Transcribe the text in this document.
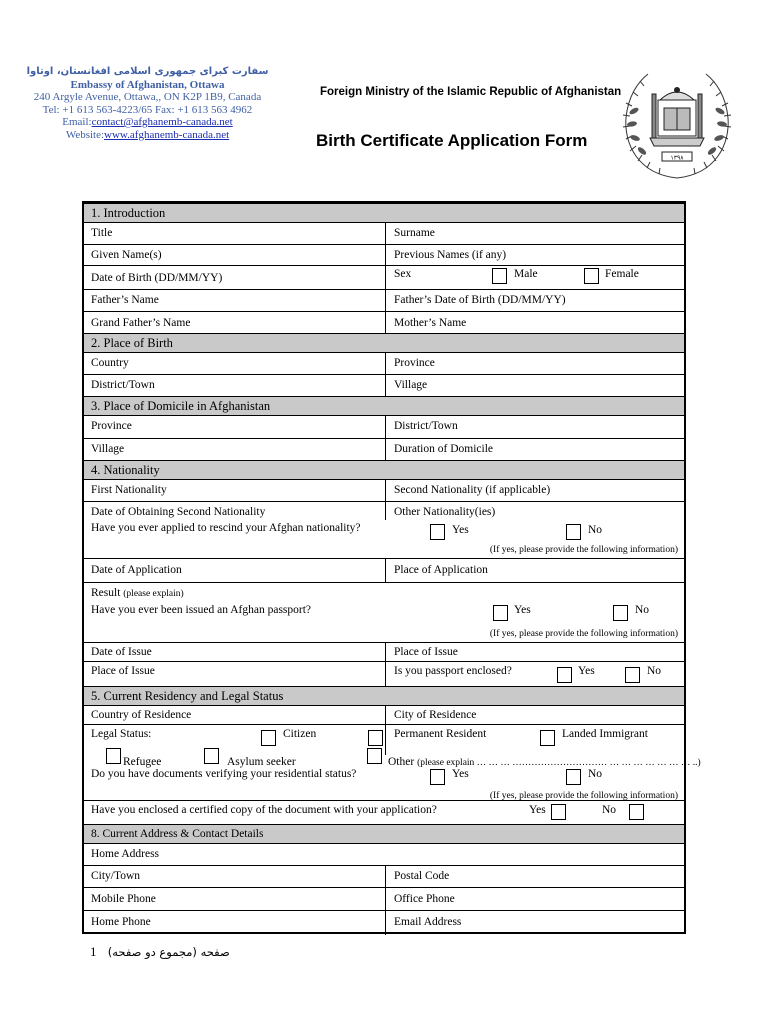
سفارت کبرای جمهوری اسلامی افغانستان، اوتاوا
Embassy of Afghanistan, Ottawa
240 Argyle Avenue, Ottawa,, ON K2P 1B9, Canada
Tel: +1 613 563-4223/65 Fax: +1 613 563 4962
Email:contact@afghanemb-canada.net
Website:www.afghanemb-canada.net
Foreign Ministry of the Islamic Republic of Afghanistan
Birth Certificate Application Form
۱۳۹۸
1. Introduction
Title	Surname
Given Name(s)	Previous Names (if any)
Date of Birth (DD/MM/YY)	Sex	Male	Female
Father’s Name	Father’s Date of Birth (DD/MM/YY)
Grand Father’s Name	Mother’s Name
2. Place of Birth
Country	Province
District/Town	Village
3. Place of Domicile in Afghanistan
Province	District/Town
Village	Duration of Domicile
4. Nationality
First Nationality	Second Nationality (if applicable)
Date of Obtaining Second Nationality	Other Nationality(ies)
Have you ever applied to rescind your Afghan nationality?	Yes	No
(If yes, please provide the following information)
Date of Application	Place of Application
Result (please explain)
Have you ever been issued an Afghan passport?	Yes	No
(If yes, please provide the following information)
Date of Issue	Place of Issue
Place of Issue	Is you passport enclosed?	Yes	No
5. Current Residency and Legal Status
Country of Residence	City of Residence
Legal Status:	Citizen	Permanent Resident	Landed Immigrant
Refugee	Asylum seeker	Other (please explain … … … ………………………… … … … … … … … ..)
Do you have documents verifying your residential status?	Yes	No
(If yes, please provide the following information)
Have you enclosed a certified copy of the document with your application?	Yes	No
8. Current Address & Contact Details
Home Address
City/Town	Postal Code
Mobile Phone	Office Phone
Home Phone	Email Address
1 صفحه (مجموع دو صفحه)
